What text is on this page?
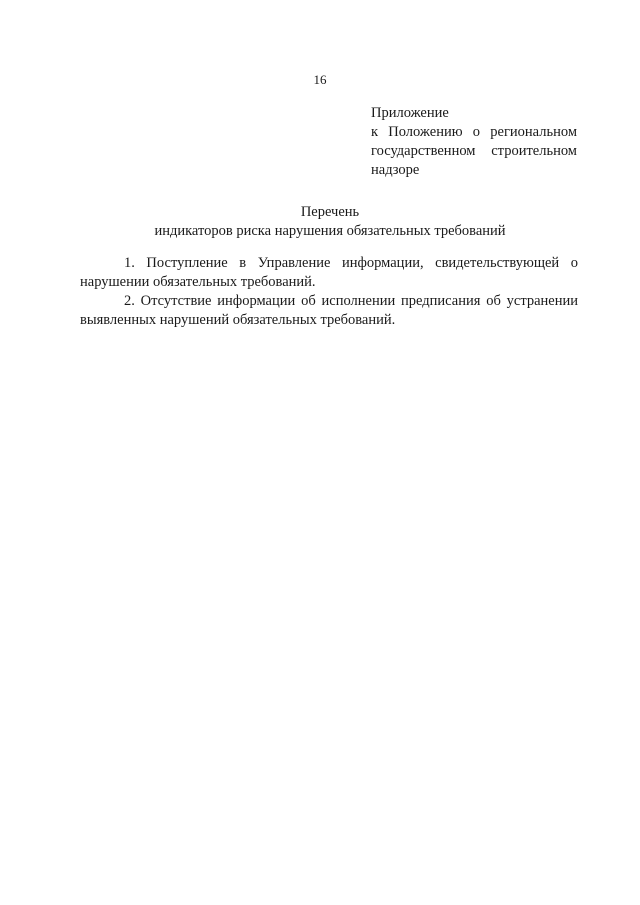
16
Приложение
к Положению о региональном государственном строительном надзоре
Перечень
индикаторов риска нарушения обязательных требований

1. Поступление в Управление информации, свидетельствующей о нарушении обязательных требований.

2. Отсутствие информации об исполнении предписания об устранении выявленных нарушений обязательных требований.
